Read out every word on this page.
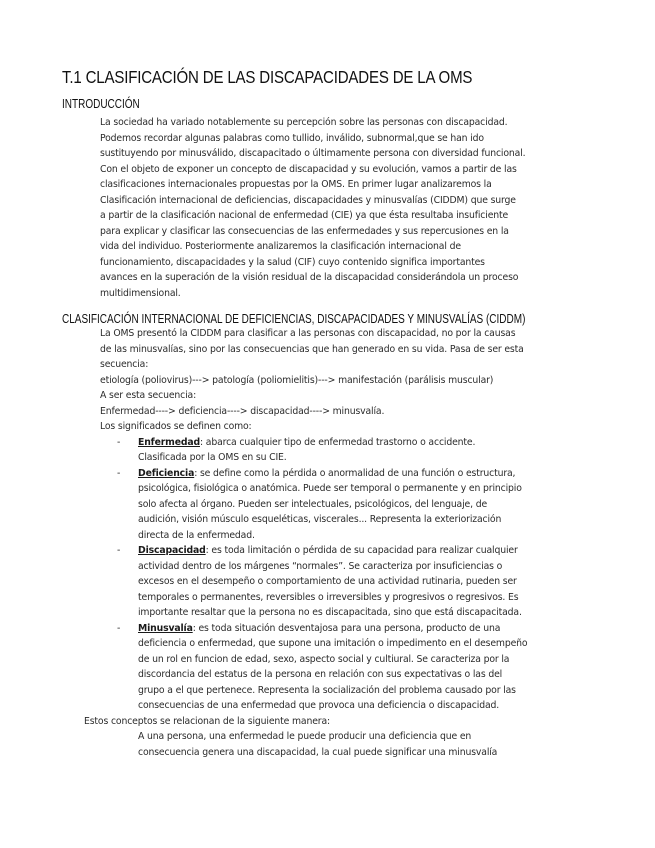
T.1 CLASIFICACIÓN DE LAS DISCAPACIDADES DE LA OMS
INTRODUCCIÓN
La sociedad ha variado notablemente su percepción sobre las personas con discapacidad.
Podemos recordar algunas palabras como tullido, inválido, subnormal,que se han ido
sustituyendo por minusválido, discapacitado o últimamente persona con diversidad funcional.
Con el objeto de exponer un concepto de discapacidad y su evolución, vamos a partir de las
clasificaciones internacionales propuestas por la OMS. En primer lugar analizaremos la
Clasificación internacional de deficiencias, discapacidades y minusvalías (CIDDM) que surge
a partir de la clasificación nacional de enfermedad (CIE) ya que ésta resultaba insuficiente
para explicar y clasificar las consecuencias de las enfermedades y sus repercusiones en la
vida del individuo. Posteriormente analizaremos la clasificación internacional de
funcionamiento, discapacidades y la salud (CIF) cuyo contenido significa importantes
avances en la superación de la visión residual de la discapacidad considerándola un proceso
multidimensional.
CLASIFICACIÓN INTERNACIONAL DE DEFICIENCIAS, DISCAPACIDADES Y MINUSVALÍAS (CIDDM)
La OMS presentó la CIDDM para clasificar a las personas con discapacidad, no por la causas
de las minusvalías, sino por las consecuencias que han generado en su vida. Pasa de ser esta
secuencia:
etiología (poliovirus)---> patología (poliomielitis)---> manifestación (parálisis muscular)
A ser esta secuencia:
Enfermedad----> deficiencia----> discapacidad----> minusvalía.
Los significados se definen como:
- Enfermedad: abarca cualquier tipo de enfermedad trastorno o accidente.
Clasificada por la OMS en su CIE.
- Deficiencia: se define como la pérdida o anormalidad de una función o estructura,
psicológica, fisiológica o anatómica. Puede ser temporal o permanente y en principio
solo afecta al órgano. Pueden ser intelectuales, psicológicos, del lenguaje, de
audición, visión músculo esqueléticas, viscerales... Representa la exteriorización
directa de la enfermedad.
- Discapacidad: es toda limitación o pérdida de su capacidad para realizar cualquier
actividad dentro de los márgenes “normales”. Se caracteriza por insuficiencias o
excesos en el desempeño o comportamiento de una actividad rutinaria, pueden ser
temporales o permanentes, reversibles o irreversibles y progresivos o regresivos. Es
importante resaltar que la persona no es discapacitada, sino que está discapacitada.
- Minusvalía: es toda situación desventajosa para una persona, producto de una
deficiencia o enfermedad, que supone una imitación o impedimento en el desempeño
de un rol en funcion de edad, sexo, aspecto social y cultiural. Se caracteriza por la
discordancia del estatus de la persona en relación con sus expectativas o las del
grupo a el que pertenece. Representa la socialización del problema causado por las
consecuencias de una enfermedad que provoca una deficiencia o discapacidad.
Estos conceptos se relacionan de la siguiente manera:
A una persona, una enfermedad le puede producir una deficiencia que en
consecuencia genera una discapacidad, la cual puede significar una minusvalía
